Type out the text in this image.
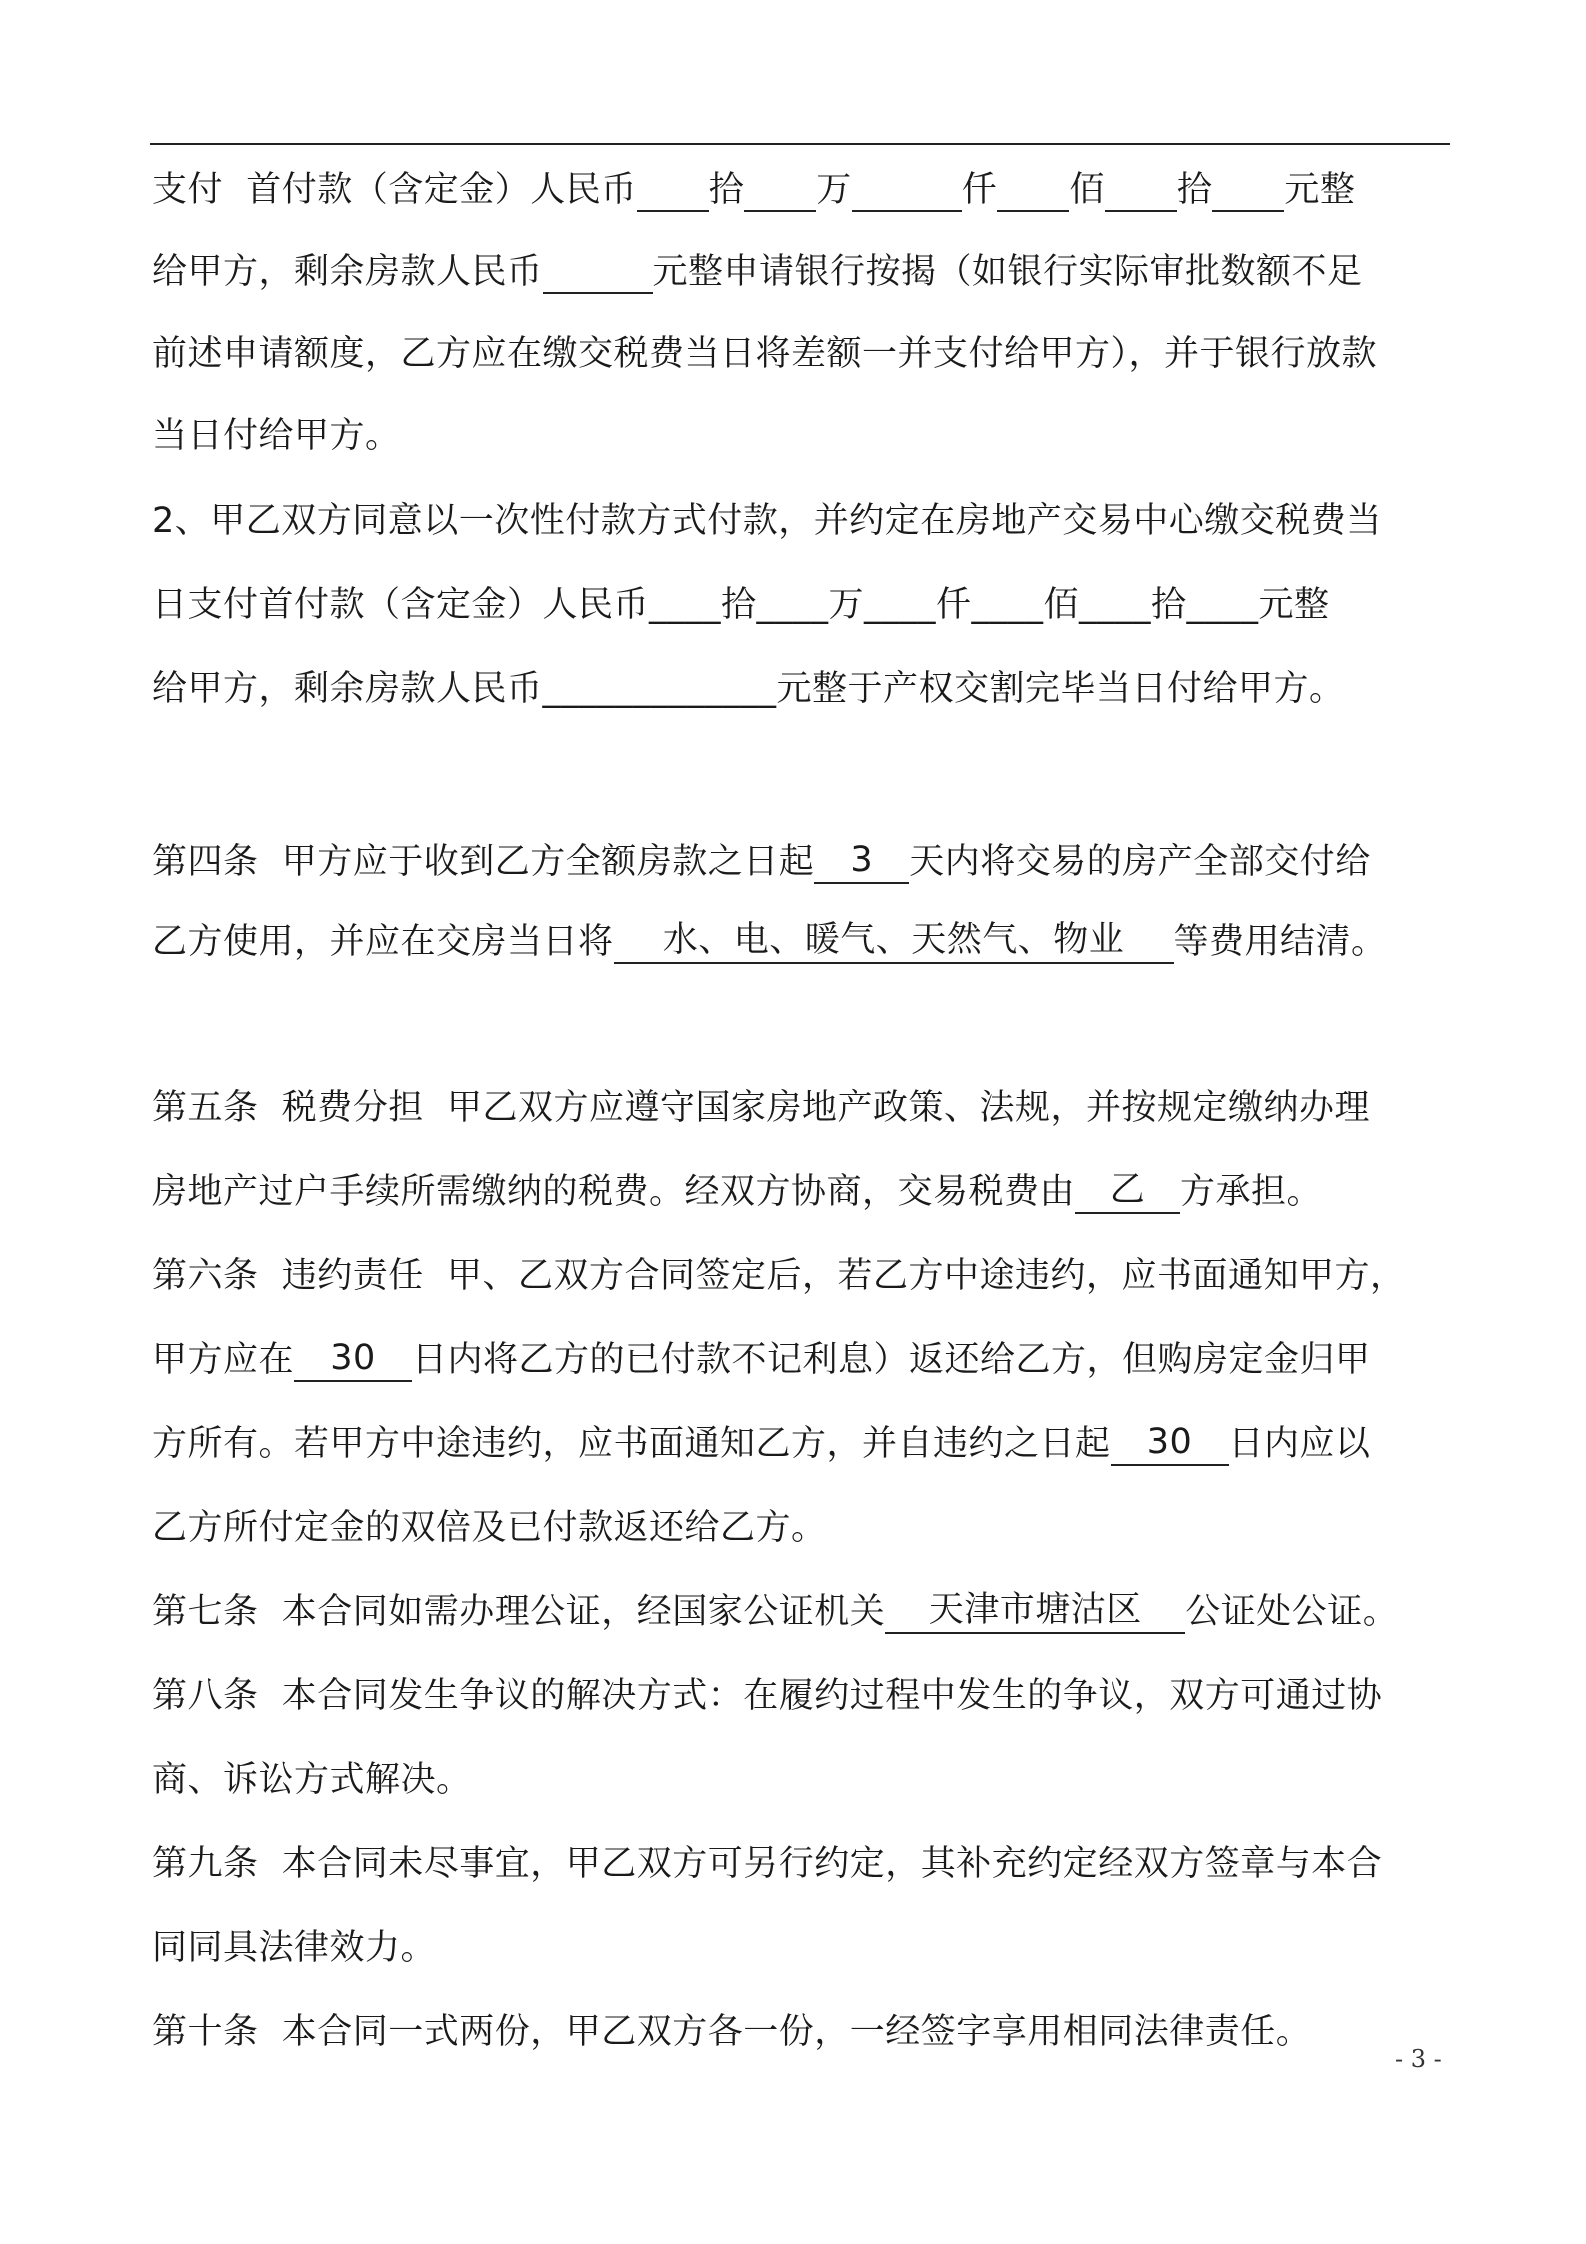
支付  首付款（含定金）人民币 拾 万	仟 佰 拾 元整
给甲方，剩余房款人民币	元整申请银行按揭（如银行实际审批数额不足
前述申请额度，乙方应在缴交税费当日将差额一并支付给甲方），并于银行放款
当日付给甲方。
2、甲乙双方同意以一次性付款方式付款，并约定在房地产交易中心缴交税费当
日支付首付款（含定金）人民币____拾____万____仟____佰____拾____元整
给甲方，剩余房款人民币_____________元整于产权交割完毕当日付给甲方。
第四条  甲方应于收到乙方全额房款之日起 3 天内将交易的房产全部交付给
乙方使用，并应在交房当日将 水、电、暖气、天然气、物业 等费用结清。
第五条  税费分担  甲乙双方应遵守国家房地产政策、法规，并按规定缴纳办理
房地产过户手续所需缴纳的税费。经双方协商，交易税费由 乙 方承担。
第六条  违约责任  甲、乙双方合同签定后，若乙方中途违约，应书面通知甲方，
甲方应在 30 日内将乙方的已付款不记利息）返还给乙方，但购房定金归甲
方所有。若甲方中途违约，应书面通知乙方，并自违约之日起 30 日内应以
乙方所付定金的双倍及已付款返还给乙方。
第七条  本合同如需办理公证，经国家公证机关 天津市塘沽区 公证处公证。
第八条  本合同发生争议的解决方式：在履约过程中发生的争议，双方可通过协
商、诉讼方式解决。
第九条  本合同未尽事宜，甲乙双方可另行约定，其补充约定经双方签章与本合
同同具法律效力。
第十条  本合同一式两份，甲乙双方各一份，一经签字享用相同法律责任。
- 3 -
